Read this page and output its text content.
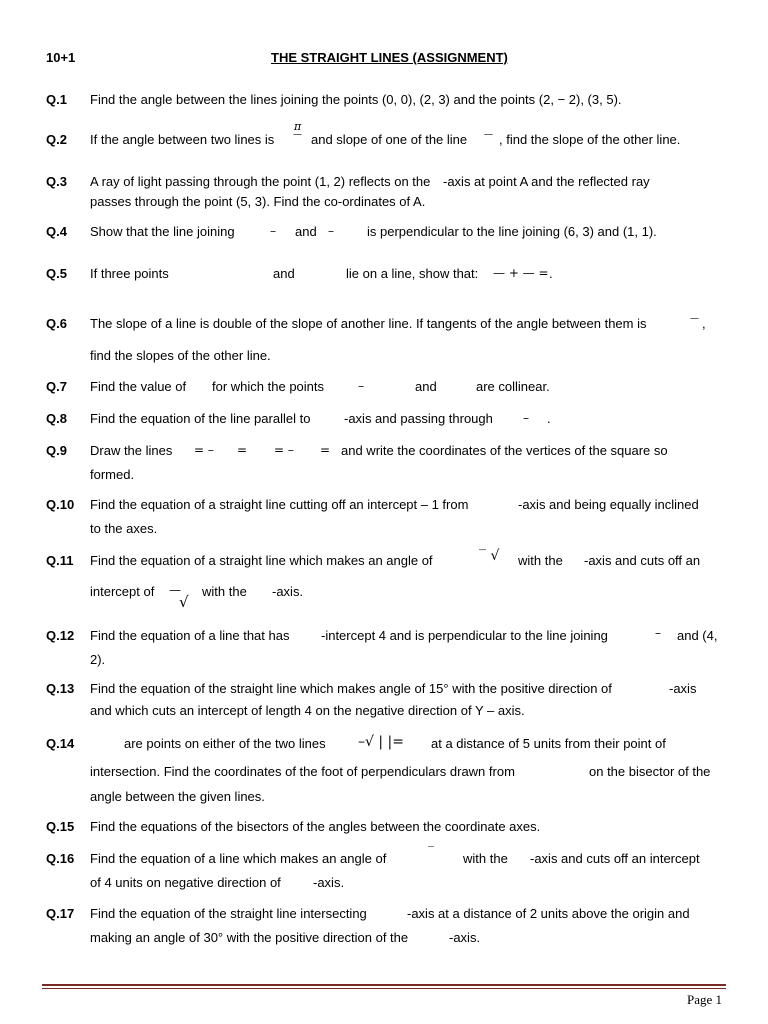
10+1	THE STRAIGHT LINES (ASSIGNMENT)
Q.1	Find the angle between the lines joining the points (0, 0), (2, 3) and the points (2, − 2), (3, 5).
Q.2	If the angle between two lines is
π
— and slope of one of the line — , find the slope of the other line.
Q.3	A ray of light passing through the point (1, 2) reflects on the -axis at point A and the reflected ray
passes through the point (5, 3). Find the co-ordinates of A.
Q.4	Show that the line joining	– and –	is perpendicular to the line joining (6, 3) and (1, 1).
Q.5	If three points	and	lie on a line, show that: — + — = .
Q.6	The slope of a line is double of the slope of another line. If tangents of the angle between them is	— ,
find the slopes of the other line.
Q.7	Find the value of for which the points	–	and	are collinear.
Q.8	Find the equation of the line parallel to	-axis and passing through	– .
Q.9	Draw the lines = – = = – = and write the coordinates of the vertices of the square so
formed.
Q.10	Find the equation of a straight line cutting off an intercept – 1 from	-axis and being equally inclined
to the axes.
Q.11	Find the equation of a straight line which makes an angle of	‾ √ with the -axis and cuts off an
intercept of —
√
with the -axis.
Q.12	Find the equation of a line that has -intercept 4 and is perpendicular to the line joining	– and (4,
2).
Q.13	Find the equation of the straight line which makes angle of 15° with the positive direction of	-axis
and which cuts an intercept of length 4 on the negative direction of Y – axis.
Q.14	are points on either of the two lines –√ | |= at a distance of 5 units from their point of
intersection. Find the coordinates of the foot of perpendiculars drawn from	on the bisector of the
angle between the given lines.
Q.15	Find the equations of the bisectors of the angles between the coordinate axes.
Q.16	Find the equation of a line which makes an angle of	‾ with the -axis and cuts off an intercept
of 4 units on negative direction of -axis.
Q.17	Find the equation of the straight line intersecting	-axis at a distance of 2 units above the origin and
making an angle of 30° with the positive direction of the	-axis.
Page 1
